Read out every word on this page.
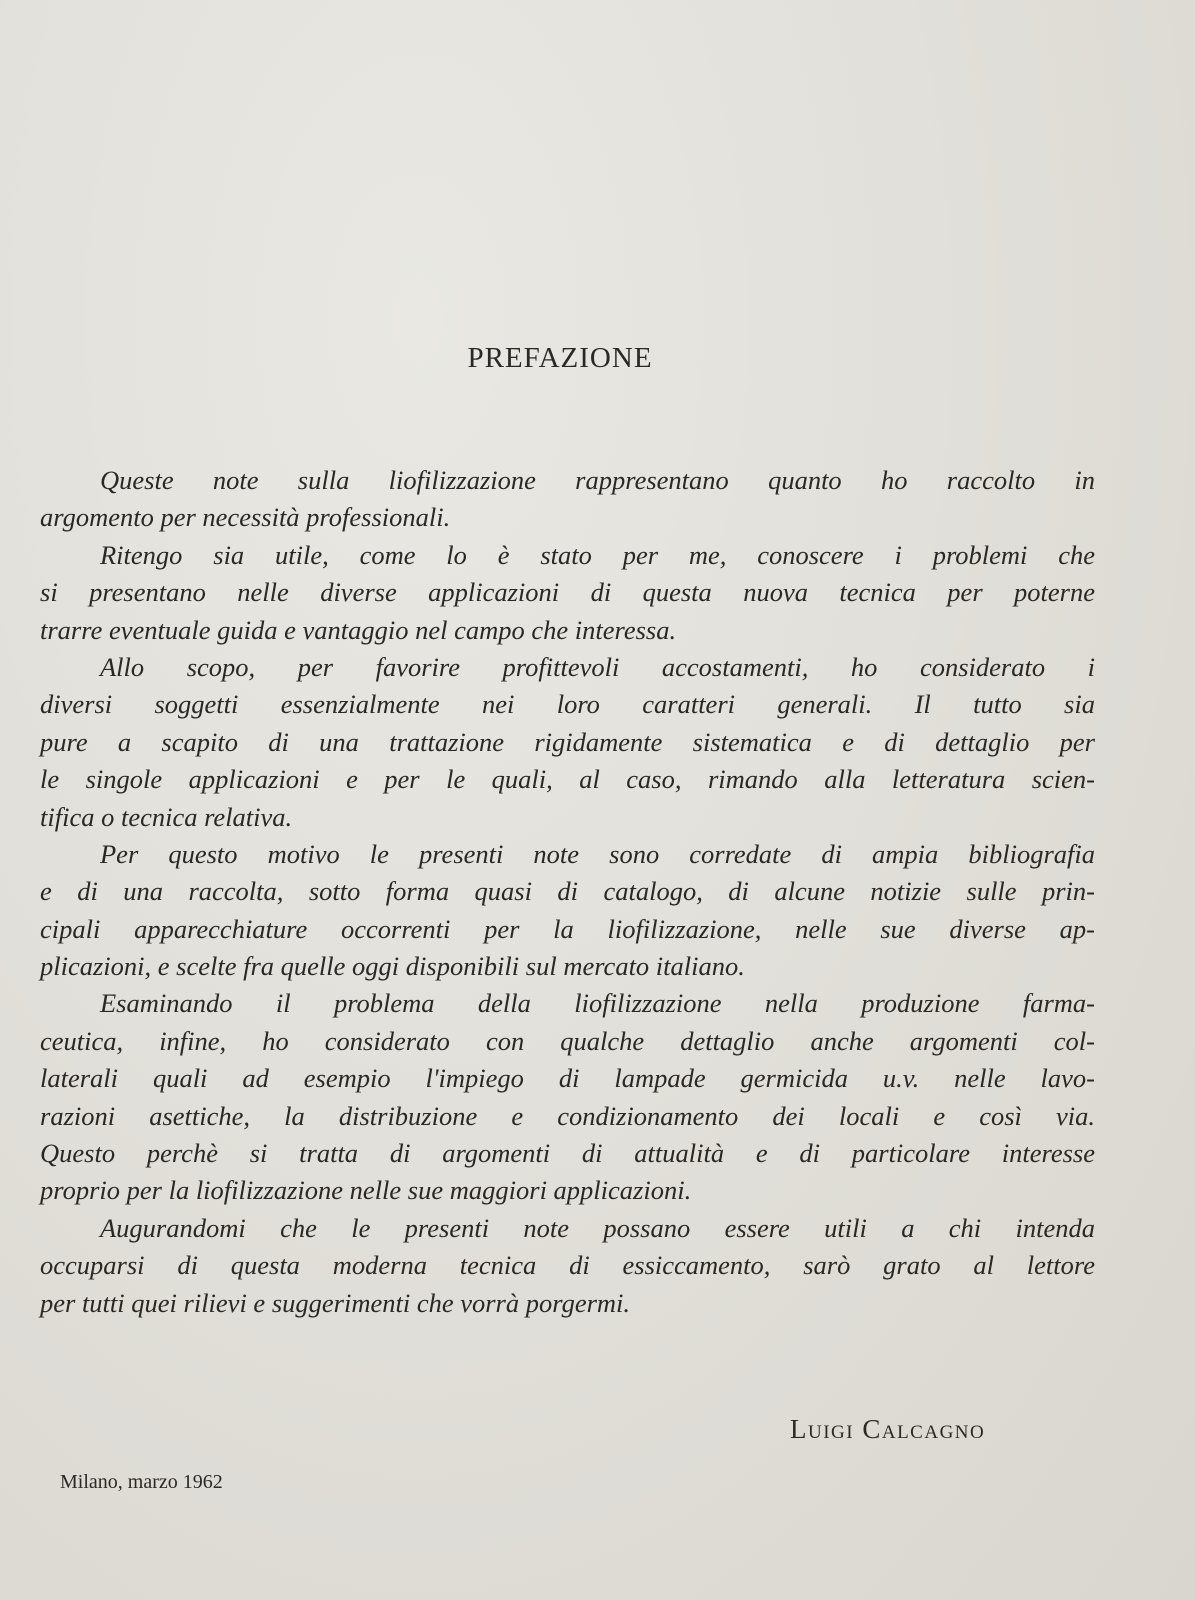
PREFAZIONE
Queste note sulla liofilizzazione rappresentano quanto ho raccolto in
argomento per necessità professionali.
Ritengo sia utile, come lo è stato per me, conoscere i problemi che
si presentano nelle diverse applicazioni di questa nuova tecnica per poterne
trarre eventuale guida e vantaggio nel campo che interessa.
Allo scopo, per favorire profittevoli accostamenti, ho considerato i
diversi soggetti essenzialmente nei loro caratteri generali. Il tutto sia
pure a scapito di una trattazione rigidamente sistematica e di dettaglio per
le singole applicazioni e per le quali, al caso, rimando alla letteratura scien-
tifica o tecnica relativa.
Per questo motivo le presenti note sono corredate di ampia bibliografia
e di una raccolta, sotto forma quasi di catalogo, di alcune notizie sulle prin-
cipali apparecchiature occorrenti per la liofilizzazione, nelle sue diverse ap-
plicazioni, e scelte fra quelle oggi disponibili sul mercato italiano.
Esaminando il problema della liofilizzazione nella produzione farma-
ceutica, infine, ho considerato con qualche dettaglio anche argomenti col-
laterali quali ad esempio l'impiego di lampade germicida u.v. nelle lavo-
razioni asettiche, la distribuzione e condizionamento dei locali e così via.
Questo perchè si tratta di argomenti di attualità e di particolare interesse
proprio per la liofilizzazione nelle sue maggiori applicazioni.
Augurandomi che le presenti note possano essere utili a chi intenda
occuparsi di questa moderna tecnica di essiccamento, sarò grato al lettore
per tutti quei rilievi e suggerimenti che vorrà porgermi.
Luigi Calcagno
Milano, marzo 1962
